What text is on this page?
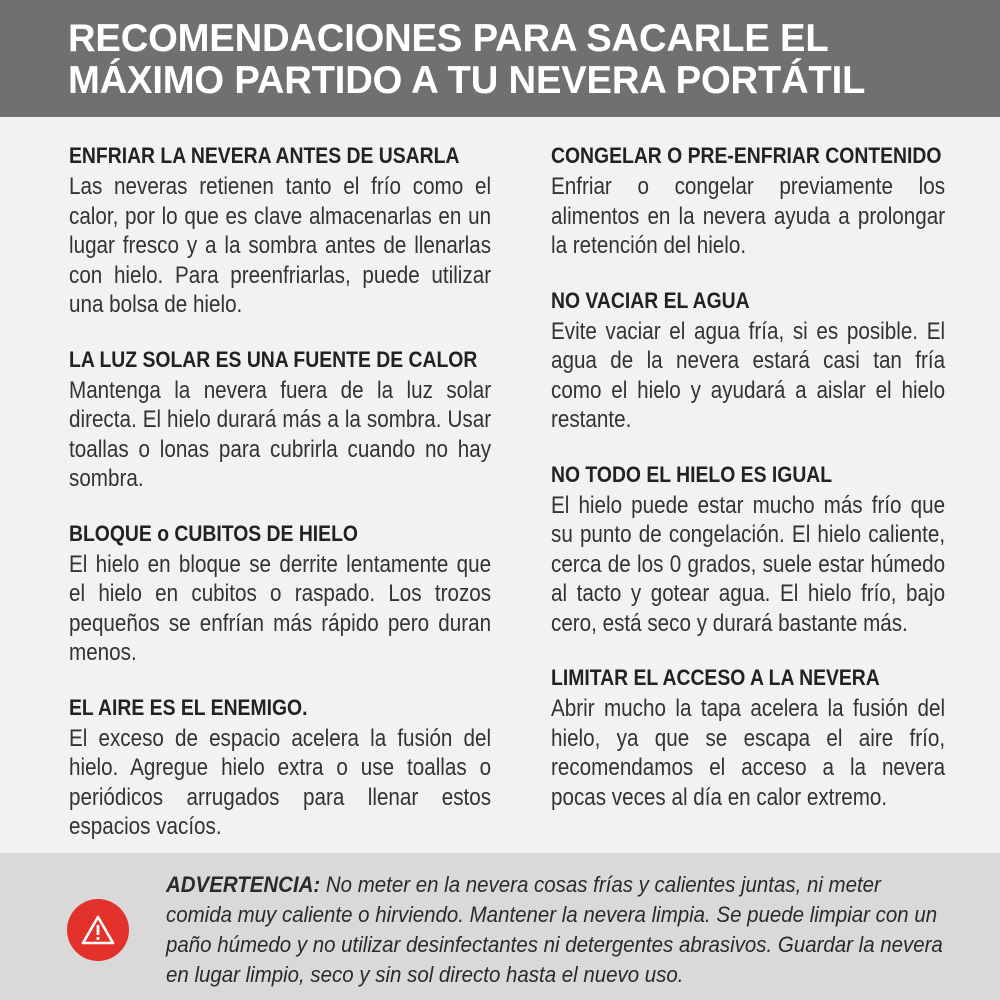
RECOMENDACIONES PARA SACARLE EL
MÁXIMO PARTIDO A TU NEVERA PORTÁTIL
ENFRIAR LA NEVERA ANTES DE USARLA

Las neveras retienen tanto el frío como el calor, por lo que es clave almacenarlas en un lugar fresco y a la sombra antes de llenarlas con hielo. Para preenfriarlas, puede utilizar una bolsa de hielo.

LA LUZ SOLAR ES UNA FUENTE DE CALOR

Mantenga la nevera fuera de la luz solar directa. El hielo durará más a la sombra. Usar toallas o lonas para cubrirla cuando no hay sombra.

BLOQUE o CUBITOS DE HIELO

El hielo en bloque se derrite lentamente que el hielo en cubitos o raspado. Los trozos pequeños se enfrían más rápido pero duran menos.

EL AIRE ES EL ENEMIGO.

El exceso de espacio acelera la fusión del hielo. Agregue hielo extra o use toallas o periódicos arrugados para llenar estos espacios vacíos.

CONGELAR O PRE-ENFRIAR CONTENIDO

Enfriar o congelar previamente los alimentos en la nevera ayuda a prolongar la retención del hielo.

NO VACIAR EL AGUA

Evite vaciar el agua fría, si es posible. El agua de la nevera estará casi tan fría como el hielo y ayudará a aislar el hielo restante.

NO TODO EL HIELO ES IGUAL

El hielo puede estar mucho más frío que su punto de congelación. El hielo caliente, cerca de los 0 grados, suele estar húmedo al tacto y gotear agua. El hielo frío, bajo cero, está seco y durará bastante más.

LIMITAR EL ACCESO A LA NEVERA

Abrir mucho la tapa acelera la fusión del hielo, ya que se escapa el aire frío, recomendamos el acceso a la nevera pocas veces al día en calor extremo.

ADVERTENCIA: No meter en la nevera cosas frías y calientes juntas, ni meter comida muy caliente o hirviendo. Mantener la nevera limpia. Se puede limpiar con un paño húmedo y no utilizar desinfectantes ni detergentes abrasivos. Guardar la nevera en lugar limpio, seco y sin sol directo hasta el nuevo uso.
